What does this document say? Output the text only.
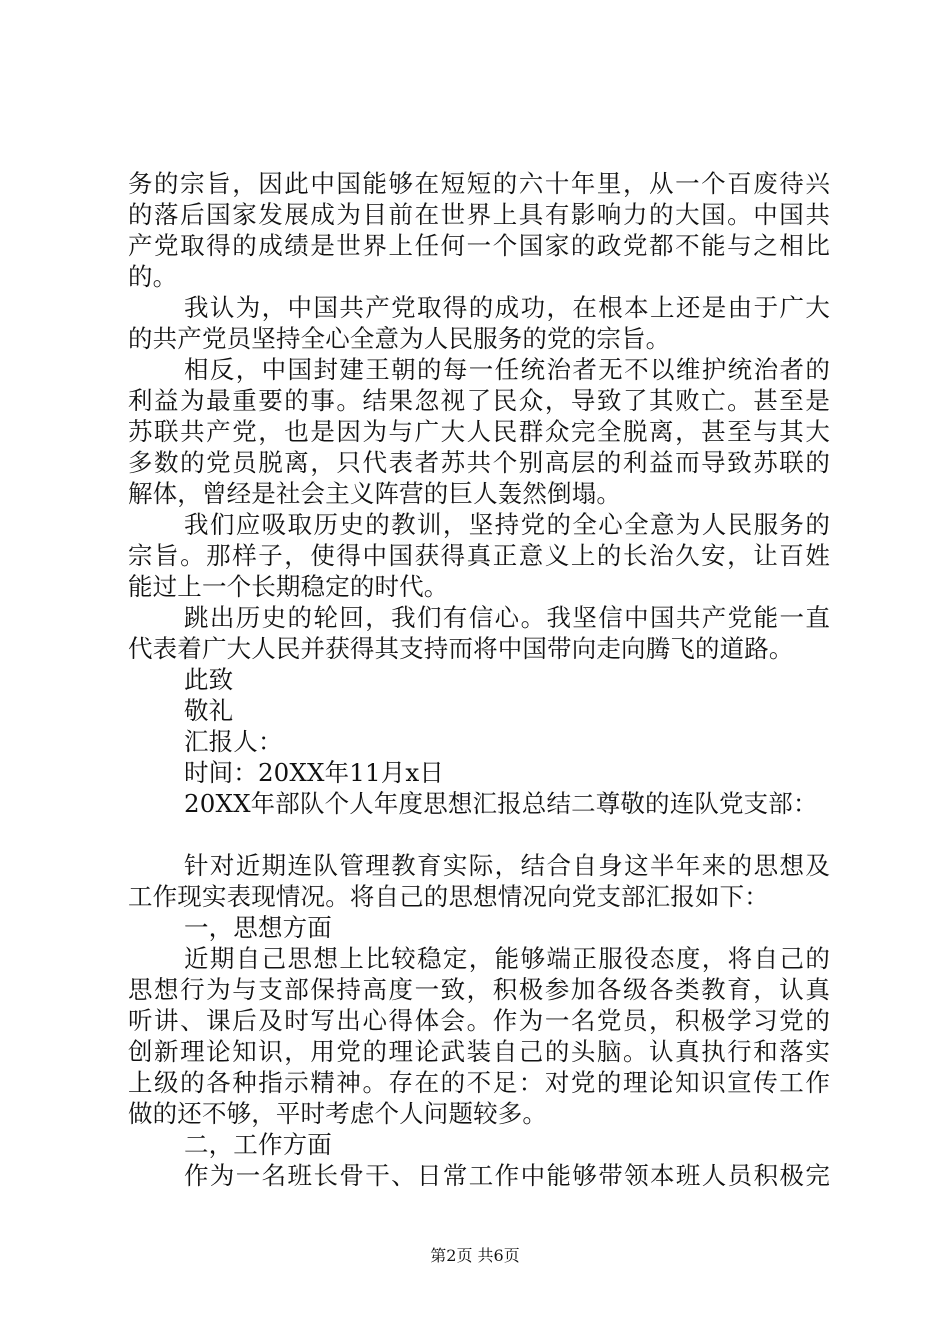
务的宗旨，因此中国能够在短短的六十年里，从一个百废待兴
的落后国家发展成为目前在世界上具有影响力的大国。中国共
产党取得的成绩是世界上任何一个国家的政党都不能与之相比
的。
我认为，中国共产党取得的成功，在根本上还是由于广大
的共产党员坚持全心全意为人民服务的党的宗旨。
相反，中国封建王朝的每一任统治者无不以维护统治者的
利益为最重要的事。结果忽视了民众，导致了其败亡。甚至是
苏联共产党，也是因为与广大人民群众完全脱离，甚至与其大
多数的党员脱离，只代表者苏共个别高层的利益而导致苏联的
解体，曾经是社会主义阵营的巨人轰然倒塌。
我们应吸取历史的教训，坚持党的全心全意为人民服务的
宗旨。那样子，使得中国获得真正意义上的长治久安，让百姓
能过上一个长期稳定的时代。
跳出历史的轮回，我们有信心。我坚信中国共产党能一直
代表着广大人民并获得其支持而将中国带向走向腾飞的道路。
此致
敬礼
汇报人：
时间：20XX年11月x日
20XX年部队个人年度思想汇报总结二尊敬的连队党支部：
针对近期连队管理教育实际，结合自身这半年来的思想及
工作现实表现情况。将自己的思想情况向党支部汇报如下：
一，思想方面
近期自己思想上比较稳定，能够端正服役态度，将自己的
思想行为与支部保持高度一致，积极参加各级各类教育，认真
听讲、课后及时写出心得体会。作为一名党员，积极学习党的
创新理论知识，用党的理论武装自己的头脑。认真执行和落实
上级的各种指示精神。存在的不足：对党的理论知识宣传工作
做的还不够，平时考虑个人问题较多。
二，工作方面
作为一名班长骨干、日常工作中能够带领本班人员积极完
第2页 共6页
